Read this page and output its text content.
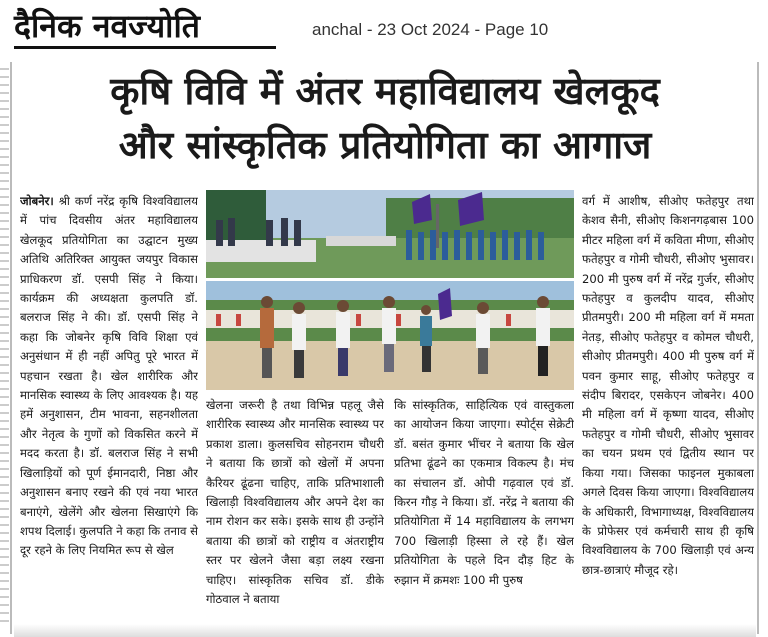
दैनिक नवज्योति	anchal - 23 Oct 2024 - Page 10
कृषि विवि में अंतर महाविद्यालय खेलकूद
और सांस्कृतिक प्रतियोगिता का आगाज
जोबनेर। श्री कर्ण नरेंद्र कृषि विश्वविद्यालय में पांच दिवसीय अंतर महाविद्यालय खेलकूद प्रतियोगिता का उद्घाटन मुख्य अतिथि अतिरिक्त आयुक्त जयपुर विकास प्राधिकरण डॉ. एसपी सिंह ने किया। कार्यक्रम की अध्यक्षता कुलपति डॉ. बलराज सिंह ने की। डॉ. एसपी सिंह ने कहा कि जोबनेर कृषि विवि शिक्षा एवं अनुसंधान में ही नहीं अपितु पूरे भारत में पहचान रखता है। खेल शारीरिक और मानसिक स्वास्थ्य के लिए आवश्यक है। यह हमें अनुशासन, टीम भावना, सहनशीलता और नेतृत्व के गुणों को विकसित करने में मदद करता है। डॉ. बलराज सिंह ने सभी खिलाड़ियों को पूर्ण ईमानदारी, निष्ठा और अनुशासन बनाए रखने की एवं नया भारत बनाएंगे, खेलेंगे और खेलना सिखाएंगे कि शपथ दिलाई। कुलपति ने कहा कि तनाव से दूर रहने के लिए नियमित रूप से खेल
खेलना जरूरी है तथा विभिन्न पहलू जैसे शारीरिक स्वास्थ्य और मानसिक स्वास्थ्य पर प्रकाश डाला। कुलसचिव सोहनराम चौधरी ने बताया कि छात्रों को खेलों में अपना कैरियर ढूंढना चाहिए, ताकि प्रतिभाशाली खिलाड़ी विश्वविद्यालय और अपने देश का नाम रोशन कर सके। इसके साथ ही उन्होंने बताया की छात्रों को राष्ट्रीय व अंतराष्ट्रीय स्तर पर खेलने जैसा बड़ा लक्ष्य रखना चाहिए। सांस्कृतिक सचिव डॉ. डीके गोठवाल ने बताया
कि सांस्कृतिक, साहित्यिक एवं वास्तुकला का आयोजन किया जाएगा। स्पोर्ट्स सेक्रेटी डॉ. बसंत कुमार भींचर ने बताया कि खेल प्रतिभा ढूंढने का एकमात्र विकल्प है। मंच का संचालन डॉ. ओपी गढ़वाल एवं डॉ. किरन गौड़ ने किया। डॉ. नरेंद्र ने बताया की प्रतियोगिता में 14 महाविद्यालय के लगभग 700 खिलाड़ी हिस्सा ले रहे हैं। खेल प्रतियोगिता के पहले दिन दौड़ हिट के रुझान में क्रमशः 100 मी पुरुष
वर्ग में आशीष, सीओए फतेहपुर तथा केशव सैनी, सीओए किशनगढ़बास 100 मीटर महिला वर्ग में कविता मीणा, सीओए फतेहपुर व गोमी चौधरी, सीओए भुसावर। 200 मी पुरुष वर्ग में नरेंद्र गुर्जर, सीओए फतेहपुर व कुलदीप यादव, सीओए प्रीतमपुरी। 200 मी महिला वर्ग में ममता नेतड़, सीओए फतेहपुर व कोमल चौधरी, सीओए प्रीतमपुरी। 400 मी पुरुष वर्ग में पवन कुमार साहू, सीओए फतेहपुर व संदीप बिरादर, एसकेएन जोबनेर। 400 मी महिला वर्ग में कृष्णा यादव, सीओए फतेहपुर व गोमी चौधरी, सीओए भुसावर का चयन प्रथम एवं द्वितीय स्थान पर किया गया। जिसका फाइनल मुकाबला अगले दिवस किया जाएगा। विश्वविद्यालय के अधिकारी, विभागाध्यक्ष, विश्वविद्यालय के प्रोफेसर एवं कर्मचारी साथ ही कृषि विश्वविद्यालय के 700 खिलाड़ी एवं अन्य छात्र-छात्राएं मौजूद रहे।
